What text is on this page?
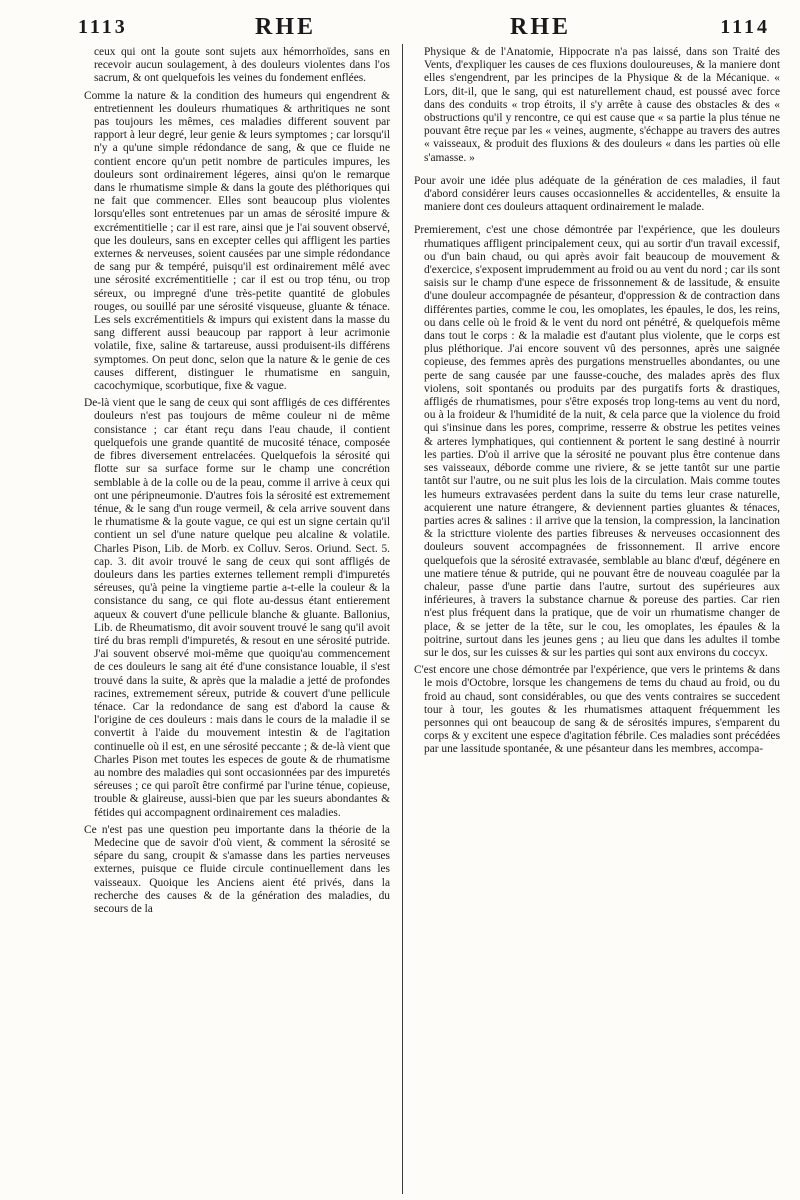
1113	RHE	RHE	1114

ceux qui ont la goute sont sujets aux hémorrhoïdes, sans en recevoir aucun soulagement, à des douleurs violentes dans l'os sacrum, & ont quelquefois les veines du fondement enflées.

Comme la nature & la condition des humeurs qui engendrent & entretiennent les douleurs rhumatiques & arthritiques ne sont pas toujours les mêmes, ces maladies different souvent par rapport à leur degré, leur genie & leurs symptomes ; car lorsqu'il n'y a qu'une simple rédondance de sang, & que ce fluide ne contient encore qu'un petit nombre de particules impures, les douleurs sont ordinairement légeres, ainsi qu'on le remarque dans le rhumatisme simple & dans la goute des pléthoriques qui ne fait que commencer. Elles sont beaucoup plus violentes lorsqu'elles sont entretenues par un amas de sérosité impure & excrémentitielle ; car il est rare, ainsi que je l'ai souvent observé, que les douleurs, sans en excepter celles qui affligent les parties externes & nerveuses, soient causées par une simple rédondance de sang pur & tempéré, puisqu'il est ordinairement mêlé avec une sérosité excrémentitielle ; car il est ou trop ténu, ou trop séreux, ou impregné d'une très-petite quantité de globules rouges, ou souillé par une sérosité visqueuse, gluante & ténace. Les sels excrémentitiels & impurs qui existent dans la masse du sang different aussi beaucoup par rapport à leur acrimonie volatile, fixe, saline & tartareuse, aussi produisent-ils différens symptomes. On peut donc, selon que la nature & le genie de ces causes different, distinguer le rhumatisme en sanguin, cacochymique, scorbutique, fixe & vague.

De-là vient que le sang de ceux qui sont affligés de ces différentes douleurs n'est pas toujours de même couleur ni de même consistance ; car étant reçu dans l'eau chaude, il contient quelquefois une grande quantité de mucosité ténace, composée de fibres diversement entrelacées. Quelquefois la sérosité qui flotte sur sa surface forme sur le champ une concrétion semblable à de la colle ou de la peau, comme il arrive à ceux qui ont une péripneumonie. D'autres fois la sérosité est extremement ténue, & le sang d'un rouge vermeil, & cela arrive souvent dans le rhumatisme & la goute vague, ce qui est un signe certain qu'il contient un sel d'une nature quelque peu alcaline & volatile. Charles Pison, Lib. de Morb. ex Colluv. Seros. Oriund. Sect. 5. cap. 3. dit avoir trouvé le sang de ceux qui sont affligés de douleurs dans les parties externes tellement rempli d'impuretés séreuses, qu'à peine la vingtieme partie a-t-elle la couleur & la consistance du sang, ce qui flote au-dessus étant entierement aqueux & couvert d'une pellicule blanche & gluante. Ballonius, Lib. de Rheumatismo, dit avoir souvent trouvé le sang qu'il avoit tiré du bras rempli d'impuretés, & resout en une sérosité putride. J'ai souvent observé moi-même que quoiqu'au commencement de ces douleurs le sang ait été d'une consistance louable, il s'est trouvé dans la suite, & après que la maladie a jetté de profondes racines, extremement séreux, putride & couvert d'une pellicule ténace. Car la redondance de sang est d'abord la cause & l'origine de ces douleurs : mais dans le cours de la maladie il se convertit à l'aide du mouvement intestin & de l'agitation continuelle où il est, en une sérosité peccante ; & de-là vient que Charles Pison met toutes les especes de goute & de rhumatisme au nombre des maladies qui sont occasionnées par des impuretés séreuses ; ce qui paroît être confirmé par l'urine ténue, copieuse, trouble & glaireuse, aussi-bien que par les sueurs abondantes & fétides qui accompagnent ordinairement ces maladies.

Ce n'est pas une question peu importante dans la théorie de la Medecine que de savoir d'où vient, & comment la sérosité se sépare du sang, croupit & s'amasse dans les parties nerveuses externes, puisque ce fluide circule continuellement dans les vaisseaux. Quoique les Anciens aient été privés, dans la recherche des causes & de la génération des maladies, du secours de la

Physique & de l'Anatomie, Hippocrate n'a pas laissé, dans son Traité des Vents, d'expliquer les causes de ces fluxions douloureuses, & la maniere dont elles s'engendrent, par les principes de la Physique & de la Mécanique. « Lors, dit-il, que le sang, qui est naturellement chaud, est poussé avec force dans des conduits « trop étroits, il s'y arrête à cause des obstacles & des « obstructions qu'il y rencontre, ce qui est cause que « sa partie la plus ténue ne pouvant être reçue par les « veines, augmente, s'échappe au travers des autres « vaisseaux, & produit des fluxions & des douleurs « dans les parties où elle s'amasse. »

Pour avoir une idée plus adéquate de la génération de ces maladies, il faut d'abord considérer leurs causes occasionnelles & accidentelles, & ensuite la maniere dont ces douleurs attaquent ordinairement le malade.

Premierement, c'est une chose démontrée par l'expérience, que les douleurs rhumatiques affligent principalement ceux, qui au sortir d'un travail excessif, ou d'un bain chaud, ou qui après avoir fait beaucoup de mouvement & d'exercice, s'exposent imprudemment au froid ou au vent du nord ; car ils sont saisis sur le champ d'une espece de frissonnement & de lassitude, & ensuite d'une douleur accompagnée de pésanteur, d'oppression & de contraction dans différentes parties, comme le cou, les omoplates, les épaules, le dos, les reins, ou dans celle où le froid & le vent du nord ont pénétré, & quelquefois même dans tout le corps : & la maladie est d'autant plus violente, que le corps est plus pléthorique. J'ai encore souvent vû des personnes, après une saignée copieuse, des femmes après des purgations menstruelles abondantes, ou une perte de sang causée par une fausse-couche, des malades après des flux violens, soit spontanés ou produits par des purgatifs forts & drastiques, affligés de rhumatismes, pour s'être exposés trop long-tems au vent du nord, ou à la froideur & l'humidité de la nuit, & cela parce que la violence du froid qui s'insinue dans les pores, comprime, resserre & obstrue les petites veines & arteres lymphatiques, qui contiennent & portent le sang destiné à nourrir les parties. D'où il arrive que la sérosité ne pouvant plus être contenue dans ses vaisseaux, déborde comme une riviere, & se jette tantôt sur une partie tantôt sur l'autre, ou ne suit plus les lois de la circulation. Mais comme toutes les humeurs extravasées perdent dans la suite du tems leur crase naturelle, acquierent une nature étrangere, & deviennent parties gluantes & ténaces, parties acres & salines : il arrive que la tension, la compression, la lancination & la strictture violente des parties fibreuses & nerveuses occasionnent des douleurs souvent accompagnées de frissonnement. Il arrive encore quelquefois que la sérosité extravasée, semblable au blanc d'œuf, dégénere en une matiere ténue & putride, qui ne pouvant être de nouveau coagulée par la chaleur, passe d'une partie dans l'autre, surtout des supérieures aux inférieures, à travers la substance charnue & poreuse des parties. Car rien n'est plus fréquent dans la pratique, que de voir un rhumatisme changer de place, & se jetter de la tête, sur le cou, les omoplates, les épaules & la poitrine, surtout dans les jeunes gens ; au lieu que dans les adultes il tombe sur le dos, sur les cuisses & sur les parties qui sont aux environs du coccyx.

C'est encore une chose démontrée par l'expérience, que vers le printems & dans le mois d'Octobre, lorsque les changemens de tems du chaud au froid, ou du froid au chaud, sont considérables, ou que des vents contraires se succedent tour à tour, les goutes & les rhumatismes attaquent fréquemment les personnes qui ont beaucoup de sang & de sérosités impures, s'emparent du corps & y excitent une espece d'agitation fébrile. Ces maladies sont précédées par une lassitude spontanée, & une pésanteur dans les membres, accompa-
